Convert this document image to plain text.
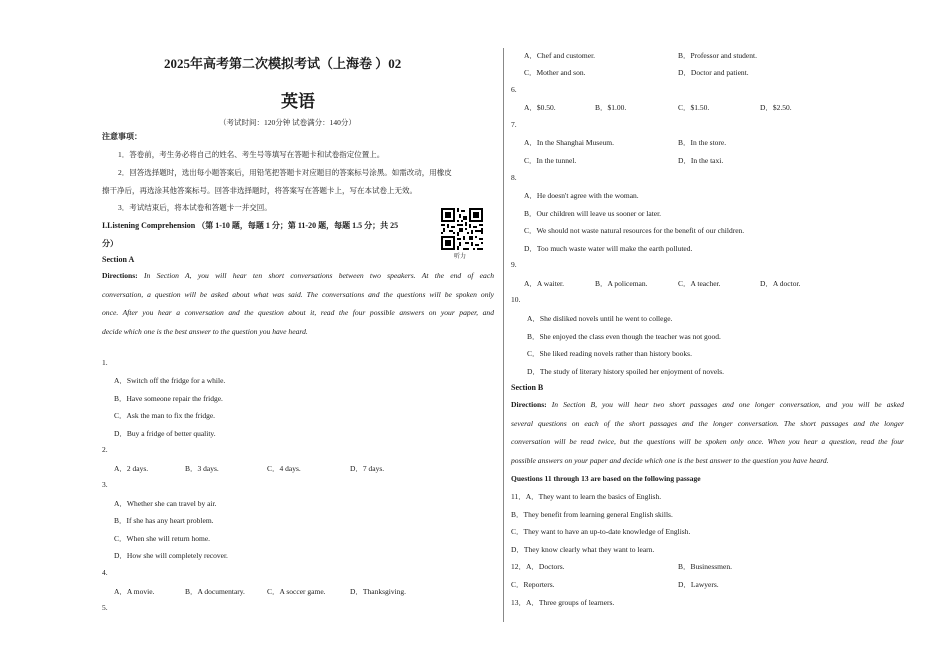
2025年高考第二次模拟考试（上海卷 ）02
英语
（考试时间：120分钟 试卷满分：140分）
注意事项：
1．答卷前，考生务必将自己的姓名、考生号等填写在答题卡和试卷指定位置上。
2．回答选择题时，选出每小题答案后，用铅笔把答题卡对应题目的答案标号涂黑。如需改动，用橡皮
擦干净后，再选涂其他答案标号。回答非选择题时，将答案写在答题卡上，写在本试卷上无效。
3．考试结束后，将本试卷和答题卡一并交回。
I.Listening Comprehension （第 1-10 题，每题 1 分；第 11-20 题，每题 1.5 分；共 25
分）
听力
Section A
Directions: In Section A, you will hear ten short conversations between two speakers. At the end of each
conversation, a question will be asked about what was said. The conversations and the questions will be spoken only
once. After you hear a conversation and the question about it, read the four possible answers on your paper, and
decide which one is the best answer to the question you have heard.
1.
A．Switch off the fridge for a while.
B．Have someone repair the fridge.
C．Ask the man to fix the fridge.
D．Buy a fridge of better quality.
2.
A．2 days.	B．3 days.	C．4 days.	D．7 days.
3.
A．Whether she can travel by air.
B．If she has any heart problem.
C．When she will return home.
D．How she will completely recover.
4.
A．A movie.	B．A documentary.	C．A soccer game.	D．Thanksgiving.
5.
A．Chef and customer.	B．Professor and student.
C．Mother and son.	D．Doctor and patient.
6.
A．$0.50.	B．$1.00.	C．$1.50.	D．$2.50.
7.
A．In the Shanghai Museum.	B．In the store.
C．In the tunnel.	D．In the taxi.
8.
A．He doesn't agree with the woman.
B．Our children will leave us sooner or later.
C．We should not waste natural resources for the benefit of our children.
D．Too much waste water will make the earth polluted.
9.
A．A waiter.	B．A policeman.	C．A teacher.	D．A doctor.
10.
A．She disliked novels until he went to college.
B．She enjoyed the class even though the teacher was not good.
C．She liked reading novels rather than history books.
D．The study of literary history spoiled her enjoyment of novels.
Section B
Directions: In Section B, you will hear two short passages and one longer conversation, and you will be asked
several questions on each of the short passages and the longer conversation. The short passages and the longer
conversation will be read twice, but the questions will be spoken only once. When you hear a question, read the four
possible answers on your paper and decide which one is the best answer to the question you have heard.
Questions 11 through 13 are based on the following passage
11．A．They want to learn the basics of English.
B．They benefit from learning general English skills.
C．They want to have an up-to-date knowledge of English.
D．They know clearly what they want to learn.
12．A．Doctors.	B．Businessmen.
C．Reporters.	D．Lawyers.
13．A．Three groups of learners.
